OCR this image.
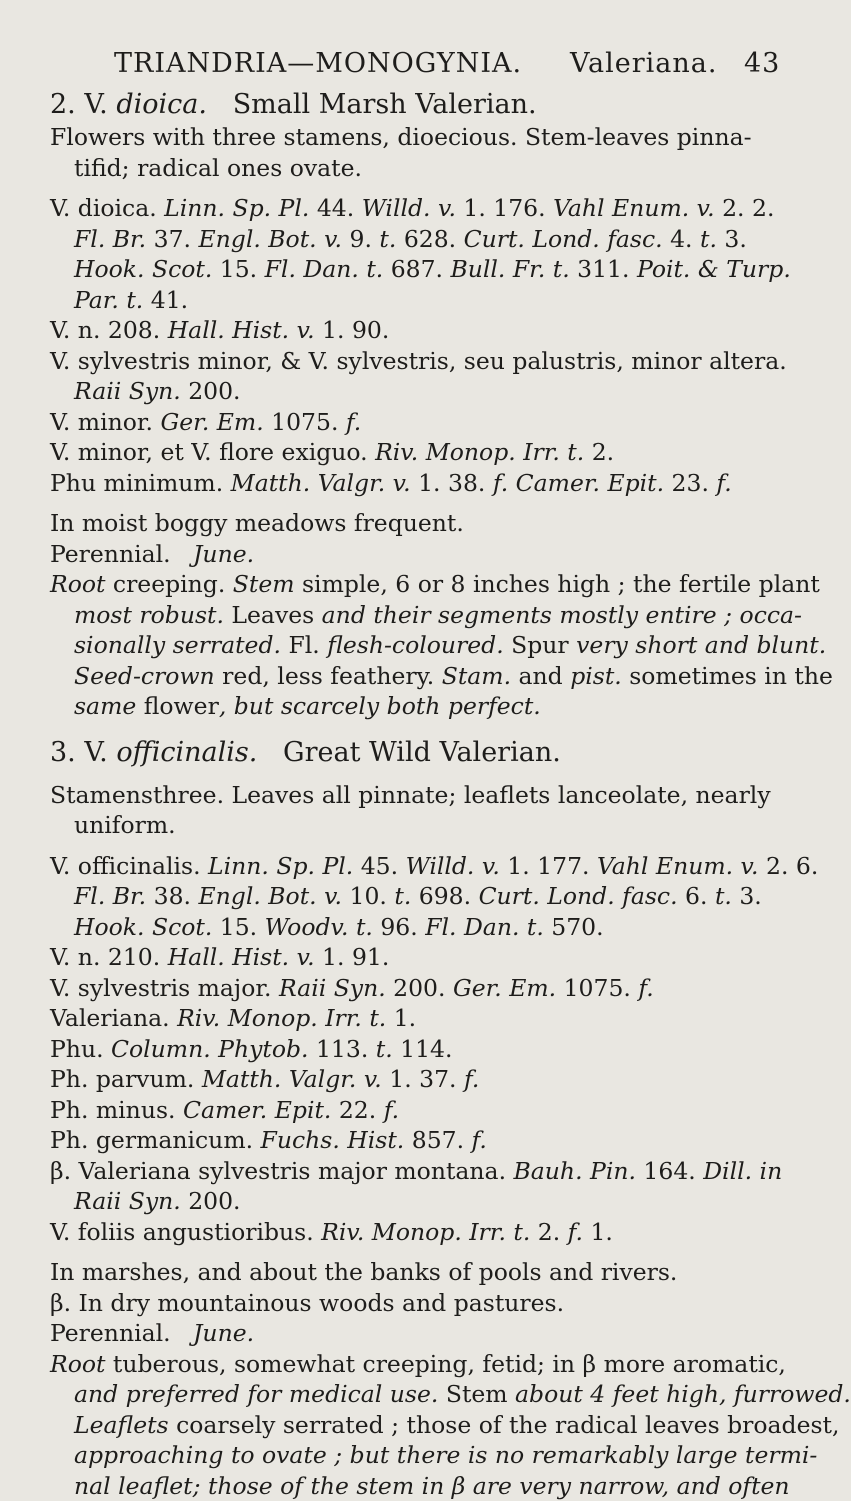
TRIANDRIA—MONOGYNIA. Valeriana. 43
2. V. dioica. Small Marsh Valerian.
Flowers with three stamens, dioecious. Stem-leaves pinna-
tifid; radical ones ovate.
V. dioica. Linn. Sp. Pl. 44. Willd. v. 1. 176. Vahl Enum. v. 2. 2.
Fl. Br. 37. Engl. Bot. v. 9. t. 628. Curt. Lond. fasc. 4. t. 3.
Hook. Scot. 15. Fl. Dan. t. 687. Bull. Fr. t. 311. Poit. & Turp.
Par. t. 41.
V. n. 208. Hall. Hist. v. 1. 90.
V. sylvestris minor, & V. sylvestris, seu palustris, minor altera.
Raii Syn. 200.
V. minor. Ger. Em. 1075. f.
V. minor, et V. flore exiguo. Riv. Monop. Irr. t. 2.
Phu minimum. Matth. Valgr. v. 1. 38. f. Camer. Epit. 23. f.
In moist boggy meadows frequent.
Perennial. June.
Root creeping. Stem simple, 6 or 8 inches high ; the fertile plant
most robust. Leaves and their segments mostly entire ; occa-
sionally serrated. Fl. flesh-coloured. Spur very short and blunt.
Seed-crown red, less feathery. Stam. and pist. sometimes in the
same flower, but scarcely both perfect.
3. V. officinalis. Great Wild Valerian.
Stamensthree. Leaves all pinnate; leaflets lanceolate, nearly
uniform.
V. officinalis. Linn. Sp. Pl. 45. Willd. v. 1. 177. Vahl Enum. v. 2. 6.
Fl. Br. 38. Engl. Bot. v. 10. t. 698. Curt. Lond. fasc. 6. t. 3.
Hook. Scot. 15. Woodv. t. 96. Fl. Dan. t. 570.
V. n. 210. Hall. Hist. v. 1. 91.
V. sylvestris major. Raii Syn. 200. Ger. Em. 1075. f.
Valeriana. Riv. Monop. Irr. t. 1.
Phu. Column. Phytob. 113. t. 114.
Ph. parvum. Matth. Valgr. v. 1. 37. f.
Ph. minus. Camer. Epit. 22. f.
Ph. germanicum. Fuchs. Hist. 857. f.
β. Valeriana sylvestris major montana. Bauh. Pin. 164. Dill. in
Raii Syn. 200.
V. foliis angustioribus. Riv. Monop. Irr. t. 2. f. 1.
In marshes, and about the banks of pools and rivers.
β. In dry mountainous woods and pastures.
Perennial. June.
Root tuberous, somewhat creeping, fetid; in β more aromatic,
and preferred for medical use. Stem about 4 feet high, furrowed.
Leaflets coarsely serrated ; those of the radical leaves broadest,
approaching to ovate ; but there is no remarkably large termi-
nal leaflet; those of the stem in β are very narrow, and often
